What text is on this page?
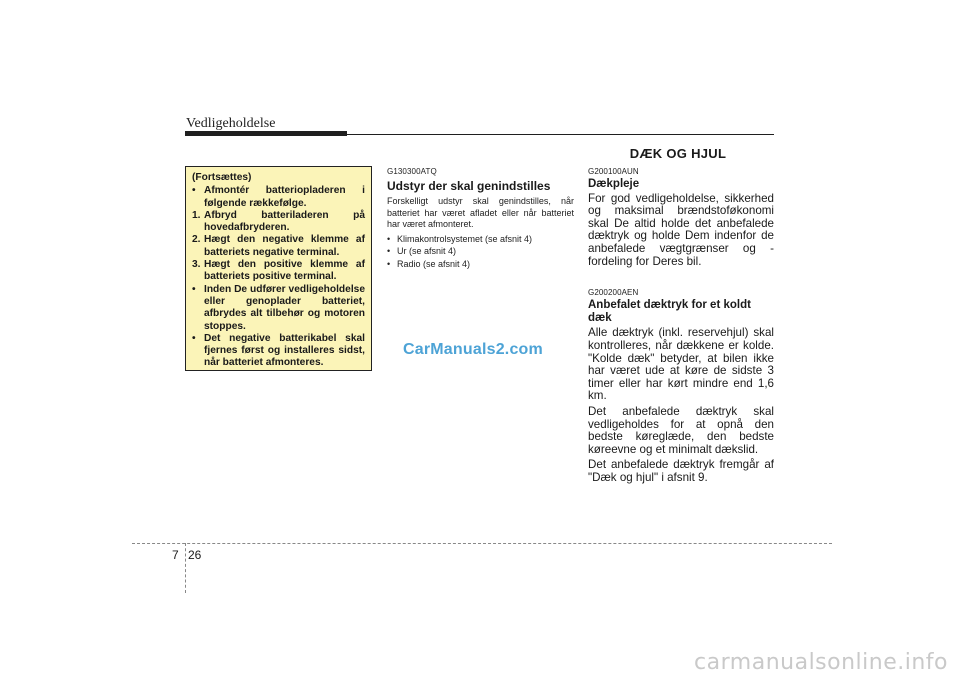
Vedligeholdelse
(Fortsættes)
• Afmontér batteriopladeren i følgende rækkefølge.
1. Afbryd batteriladeren på hovedafbryderen.
2. Hægt den negative klemme af batteriets negative terminal.
3. Hægt den positive klemme af batteriets positive terminal.
• Inden De udfører vedligeholdelse eller genoplader batteriet, afbrydes alt tilbehør og motoren stoppes.
• Det negative batterikabel skal fjernes først og installeres sidst, når batteriet afmonteres.
G130300ATQ
Udstyr der skal genindstilles
Forskelligt udstyr skal genindstilles, når batteriet har været afladet eller når batteriet har været afmonteret.
• Klimakontrolsystemet (se afsnit 4)
• Ur (se afsnit 4)
• Radio (se afsnit 4)
DÆK OG HJUL
G200100AUN
Dækpleje
For god vedligeholdelse, sikkerhed og maksimal brændstoføkonomi skal De altid holde det anbefalede dæktryk og holde Dem indenfor de anbefalede vægtgrænser og -fordeling for Deres bil.
G200200AEN
Anbefalet dæktryk for et koldt dæk
Alle dæktryk (inkl. reservehjul) skal kontrolleres, når dækkene er kolde. "Kolde dæk" betyder, at bilen ikke har været ude at køre de sidste 3 timer eller har kørt mindre end 1,6 km.
Det anbefalede dæktryk skal vedligeholdes for at opnå den bedste køreglæde, den bedste køreevne og et minimalt dækslid.
Det anbefalede dæktryk fremgår af "Dæk og hjul" i afsnit 9.
CarManuals2.com
7 26
carmanualsonline.info
